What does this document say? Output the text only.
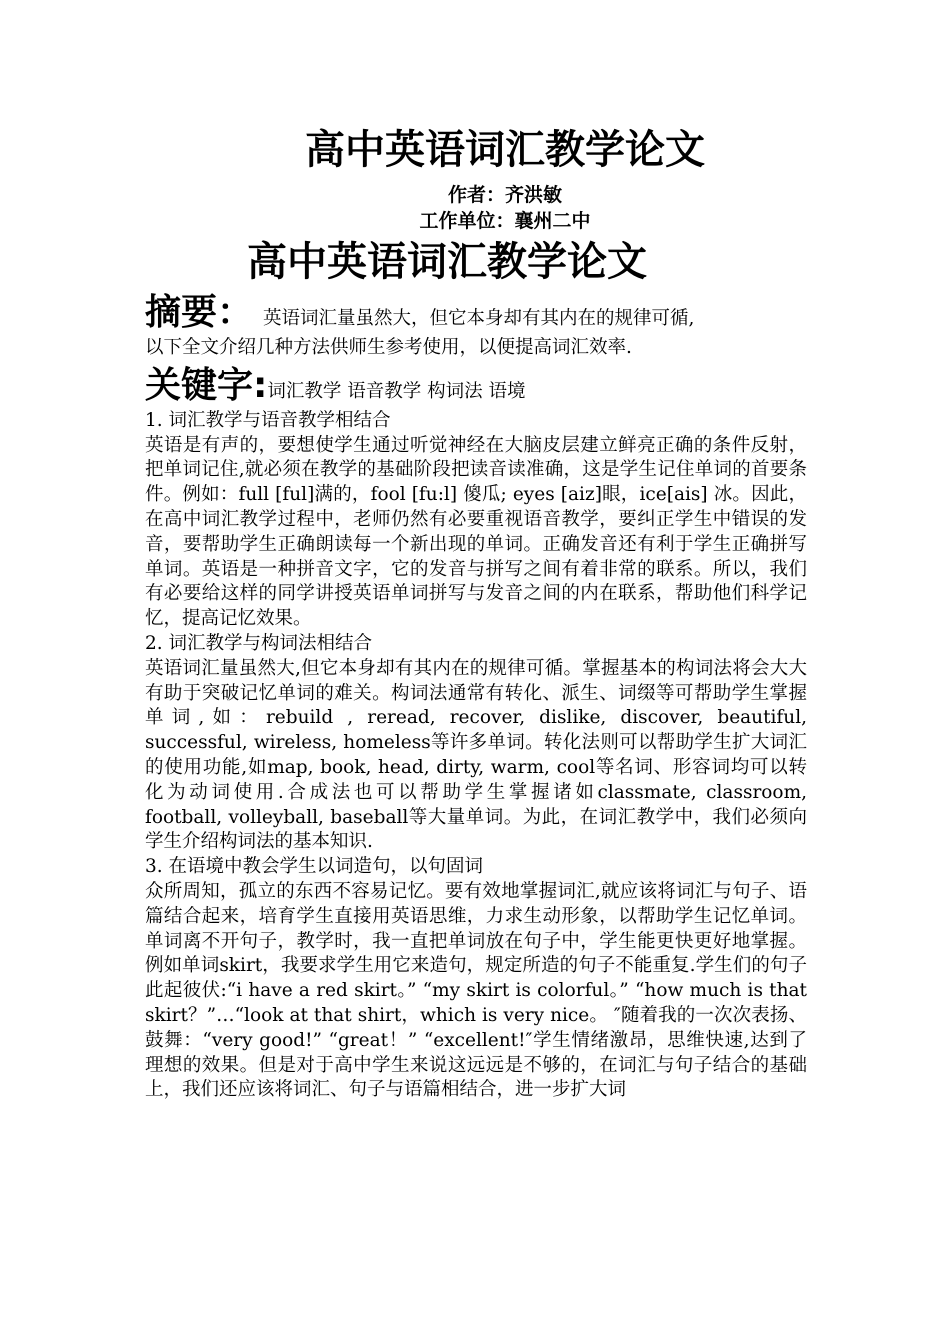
高中英语词汇教学论文
作者：齐洪敏
工作单位：襄州二中
高中英语词汇教学论文
摘要： 英语词汇量虽然大，但它本身却有其内在的规律可循,
以下全文介绍几种方法供师生参考使用，以便提高词汇效率.
关键字: 词汇教学 语音教学 构词法 语境
1. 词汇教学与语音教学相结合
英语是有声的，要想使学生通过听觉神经在大脑皮层建立鲜亮正确的条件反射，把单词记住,就必须在教学的基础阶段把读音读准确，这是学生记住单词的首要条件。例如：full [ful]满的，fool [fu:l] 傻瓜; eyes [aiz]眼，ice[ais] 冰。因此，在高中词汇教学过程中，老师仍然有必要重视语音教学，要纠正学生中错误的发音，要帮助学生正确朗读每一个新出现的单词。正确发音还有利于学生正确拼写单词。英语是一种拼音文字，它的发音与拼写之间有着非常的联系。所以，我们有必要给这样的同学讲授英语单词拼写与发音之间的内在联系，帮助他们科学记忆，提高记忆效果。
2. 词汇教学与构词法相结合
英语词汇量虽然大,但它本身却有其内在的规律可循。掌握基本的构词法将会大大有助于突破记忆单词的难关。构词法通常有转化、派生、词缀等可帮助学生掌握单词,如：rebuild , reread, recover, dislike, discover, beautiful, successful, wireless, homeless等许多单词。转化法则可以帮助学生扩大词汇的使用功能,如map, book, head, dirty, warm, cool等名词、形容词均可以转化为动词使用.合成法也可以帮助学生掌握诸如classmate, classroom, football, volleyball, baseball等大量单词。为此，在词汇教学中，我们必须向学生介绍构词法的基本知识.
3. 在语境中教会学生以词造句，以句固词
众所周知，孤立的东西不容易记忆。要有效地掌握词汇,就应该将词汇与句子、语篇结合起来，培育学生直接用英语思维，力求生动形象，以帮助学生记忆单词。单词离不开句子，教学时，我一直把单词放在句子中，学生能更快更好地掌握。例如单词skirt，我要求学生用它来造句，规定所造的句子不能重复.学生们的句子此起彼伏:“i have a red skirt。” “my skirt is colorful。” “how much is that skirt？”…“look at that shirt，which is very nice。 ″随着我的一次次表扬、鼓舞：“very good!” “great！” “excellent!″学生情绪激昂，思维快速,达到了理想的效果。但是对于高中学生来说这远远是不够的，在词汇与句子结合的基础上，我们还应该将词汇、句子与语篇相结合，进一步扩大词
